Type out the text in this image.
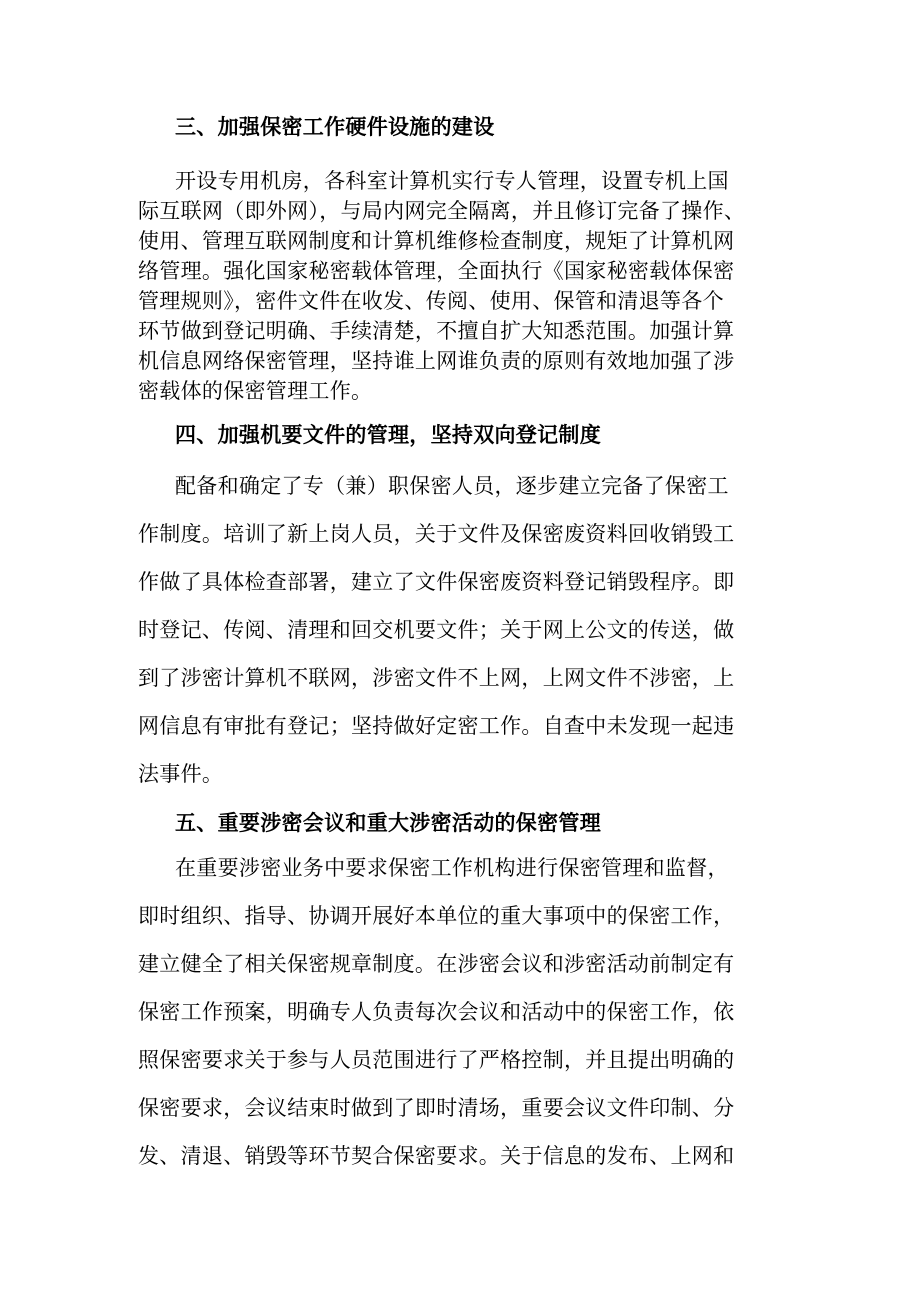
三、加强保密工作硬件设施的建设
开设专用机房，各科室计算机实行专人管理，设置专机上国
际互联网（即外网），与局内网完全隔离，并且修订完备了操作、
使用、管理互联网制度和计算机维修检查制度，规矩了计算机网
络管理。强化国家秘密载体管理，全面执行《国家秘密载体保密
管理规则》，密件文件在收发、传阅、使用、保管和清退等各个
环节做到登记明确、手续清楚，不擅自扩大知悉范围。加强计算
机信息网络保密管理，坚持谁上网谁负责的原则有效地加强了涉
密载体的保密管理工作。
四、加强机要文件的管理，坚持双向登记制度
配备和确定了专（兼）职保密人员，逐步建立完备了保密工
作制度。培训了新上岗人员，关于文件及保密废资料回收销毁工
作做了具体检查部署，建立了文件保密废资料登记销毁程序。即
时登记、传阅、清理和回交机要文件；关于网上公文的传送，做
到了涉密计算机不联网，涉密文件不上网，上网文件不涉密，上
网信息有审批有登记；坚持做好定密工作。自查中未发现一起违
法事件。
五、重要涉密会议和重大涉密活动的保密管理
在重要涉密业务中要求保密工作机构进行保密管理和监督，
即时组织、指导、协调开展好本单位的重大事项中的保密工作，
建立健全了相关保密规章制度。在涉密会议和涉密活动前制定有
保密工作预案，明确专人负责每次会议和活动中的保密工作，依
照保密要求关于参与人员范围进行了严格控制，并且提出明确的
保密要求，会议结束时做到了即时清场，重要会议文件印制、分
发、清退、销毁等环节契合保密要求。关于信息的发布、上网和
